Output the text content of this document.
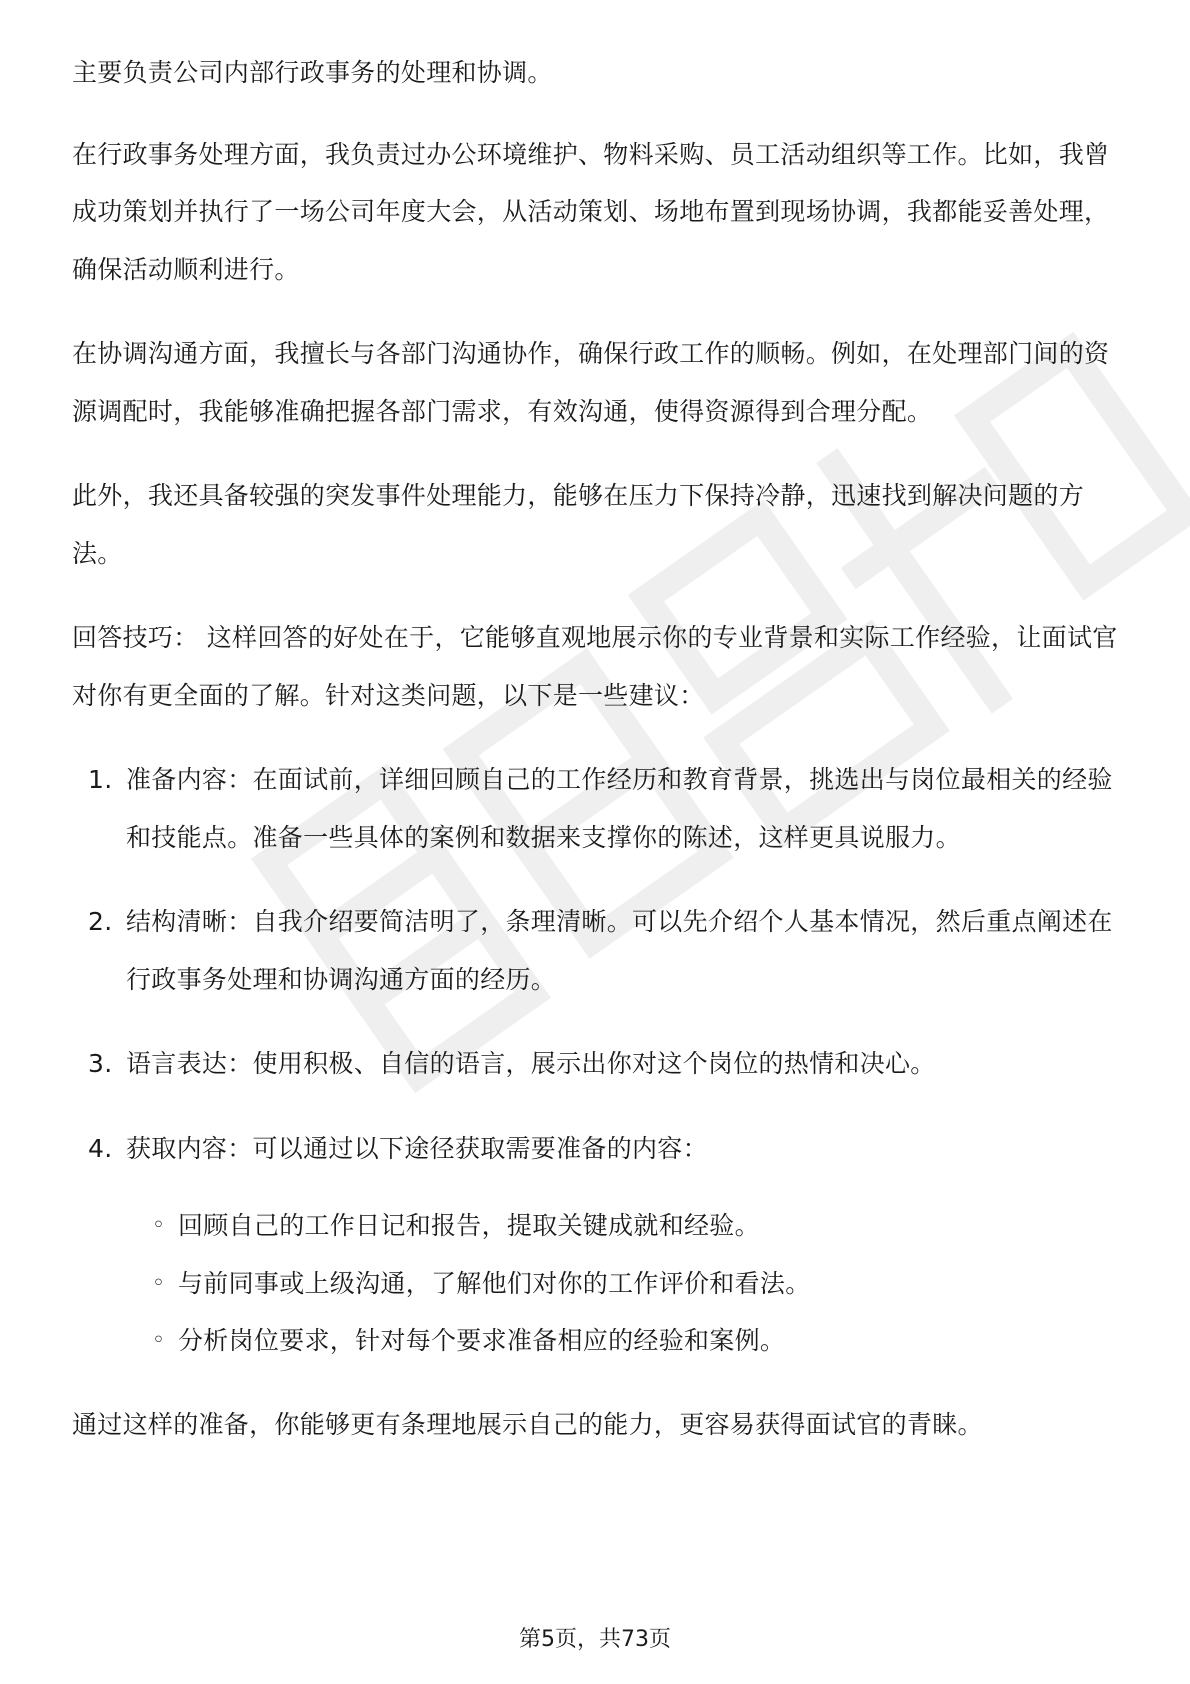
主要负责公司内部行政事务的处理和协调。

在行政事务处理方面，我负责过办公环境维护、物料采购、员工活动组织等工作。比如，我曾成功策划并执行了一场公司年度大会，从活动策划、场地布置到现场协调，我都能妥善处理，确保活动顺利进行。

在协调沟通方面，我擅长与各部门沟通协作，确保行政工作的顺畅。例如，在处理部门间的资源调配时，我能够准确把握各部门需求，有效沟通，使得资源得到合理分配。

此外，我还具备较强的突发事件处理能力，能够在压力下保持冷静，迅速找到解决问题的方法。

回答技巧： 这样回答的好处在于，它能够直观地展示你的专业背景和实际工作经验，让面试官对你有更全面的了解。针对这类问题，以下是一些建议：

1. 准备内容：在面试前，详细回顾自己的工作经历和教育背景，挑选出与岗位最相关的经验和技能点。准备一些具体的案例和数据来支撑你的陈述，这样更具说服力。
2. 结构清晰：自我介绍要简洁明了，条理清晰。可以先介绍个人基本情况，然后重点阐述在行政事务处理和协调沟通方面的经历。
3. 语言表达：使用积极、自信的语言，展示出你对这个岗位的热情和决心。
4. 获取内容：可以通过以下途径获取需要准备的内容：
◦ 回顾自己的工作日记和报告，提取关键成就和经验。
◦ 与前同事或上级沟通，了解他们对你的工作评价和看法。
◦ 分析岗位要求，针对每个要求准备相应的经验和案例。

通过这样的准备，你能够更有条理地展示自己的能力，更容易获得面试官的青睐。

第5页，共73页
